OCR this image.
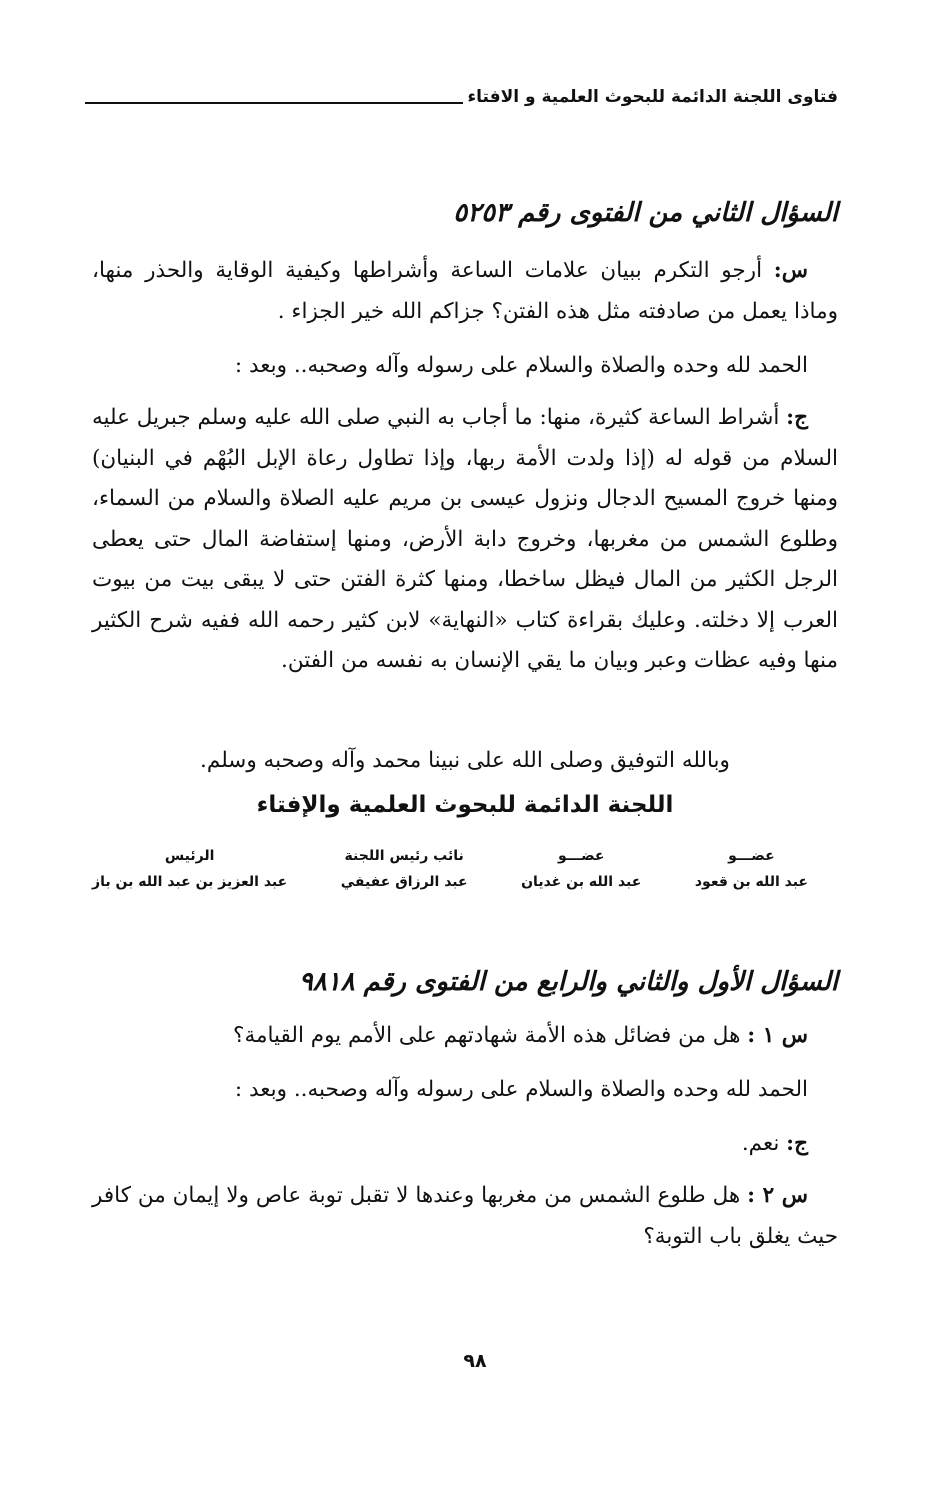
فتاوى اللجنة الدائمة للبحوث العلمية و الافتاء
السؤال الثاني من الفتوى رقم ٥٢٥٣
س: أرجو التكرم ببيان علامات الساعة وأشراطها وكيفية الوقاية والحذر منها، وماذا يعمل من صادفته مثل هذه الفتن؟ جزاكم الله خير الجزاء .
الحمد لله وحده والصلاة والسلام على رسوله وآله وصحبه.. وبعد :
ج: أشراط الساعة كثيرة، منها: ما أجاب به النبي صلى الله عليه وسلم جبريل عليه السلام من قوله له (إذا ولدت الأمة ربها، وإذا تطاول رعاة الإبل البُهْم في البنيان) ومنها خروج المسيح الدجال ونزول عيسى بن مريم عليه الصلاة والسلام من السماء، وطلوع الشمس من مغربها، وخروج دابة الأرض، ومنها إستفاضة المال حتى يعطى الرجل الكثير من المال فيظل ساخطا، ومنها كثرة الفتن حتى لا يبقى بيت من بيوت العرب إلا دخلته. وعليك بقراءة كتاب «النهاية» لابن كثير رحمه الله ففيه شرح الكثير منها وفيه عظات وعبر وبيان ما يقي الإنسان به نفسه من الفتن.
وبالله التوفيق وصلى الله على نبينا محمد وآله وصحبه وسلم.
اللجنة الدائمة للبحوث العلمية والإفتاء
عضـــو
عبد الله بن قعود
عضـــو
عبد الله بن غديان
نائب رئيس اللجنة
عبد الرزاق عفيفي
الرئيس
عبد العزيز بن عبد الله بن باز
السؤال الأول والثاني والرابع من الفتوى رقم ٩٨١٨
س ١ : هل من فضائل هذه الأمة شهادتهم على الأمم يوم القيامة؟
الحمد لله وحده والصلاة والسلام على رسوله وآله وصحبه.. وبعد :
ج: نعم.
س ٢ : هل طلوع الشمس من مغربها وعندها لا تقبل توبة عاص ولا إيمان من كافر حيث يغلق باب التوبة؟
٩٨
